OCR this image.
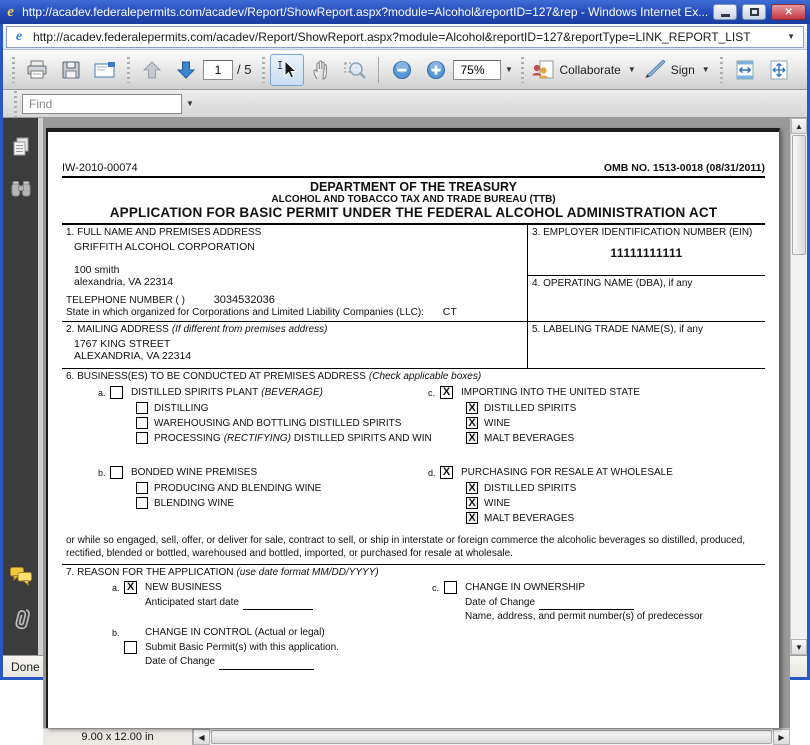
e http://acadev.federalepermits.com/acadev/Report/ShowReport.aspx?module=Alcohol&reportID=127&rep - Windows Internet Ex...	✕
e
http://acadev.federalepermits.com/acadev/Report/ShowReport.aspx?module=Alcohol&reportID=127&reportType=LINK_REPORT_LIST	▼
1
/ 5
75%	▼	Collaborate ▼	Sign ▼
Find
▼
IW-2010-00074	OMB NO. 1513-0018 (08/31/2011)
DEPARTMENT OF THE TREASURY
ALCOHOL AND TOBACCO TAX AND TRADE BUREAU (TTB)
APPLICATION FOR BASIC PERMIT UNDER THE FEDERAL ALCOHOL ADMINISTRATION ACT
1. FULL NAME AND PREMISES ADDRESS
GRIFFITH ALCOHOL CORPORATION
100 smith
alexandria, VA 22314
TELEPHONE NUMBER ( )	3034532036
State in which organized for Corporations and Limited Liability Companies (LLC): CT
2. MAILING ADDRESS (If different from premises address)
1767 KING STREET
ALEXANDRIA, VA 22314
3. EMPLOYER IDENTIFICATION NUMBER (EIN)
11111111111
4. OPERATING NAME (DBA), if any
5. LABELING TRADE NAME(S), if any
6. BUSINESS(ES) TO BE CONDUCTED AT PREMISES ADDRESS (Check applicable boxes)
a.	DISTILLED SPIRITS PLANT (BEVERAGE)
DISTILLING
WAREHOUSING AND BOTTLING DISTILLED SPIRITS
PROCESSING (RECTIFYING) DISTILLED SPIRITS AND WIN
b.	BONDED WINE PREMISES
PRODUCING AND BLENDING WINE
BLENDING WINE
c. X IMPORTING INTO THE UNITED STATE
X DISTILLED SPIRITS
X WINE
X MALT BEVERAGES
d. X PURCHASING FOR RESALE AT WHOLESALE
X DISTILLED SPIRITS
X WINE
X MALT BEVERAGES
or while so engaged, sell, offer, or deliver for sale, contract to sell, or ship in interstate or foreign commerce the alcoholic beverages so distilled, produced, rectified, blended or bottled, warehoused and bottled, imported, or purchased for resale at wholesale.
7. REASON FOR THE APPLICATION (use date format MM/DD/YYYY)
a. X NEW BUSINESS
Anticipated start date
b.	CHANGE IN CONTROL (Actual or legal)
Submit Basic Permit(s) with this application.
Date of Change
c.	CHANGE IN OWNERSHIP
Date of Change
Name, address, and permit number(s) of predecessor
9.00 x 12.00 in	◀	▶
▲
▼
Done
